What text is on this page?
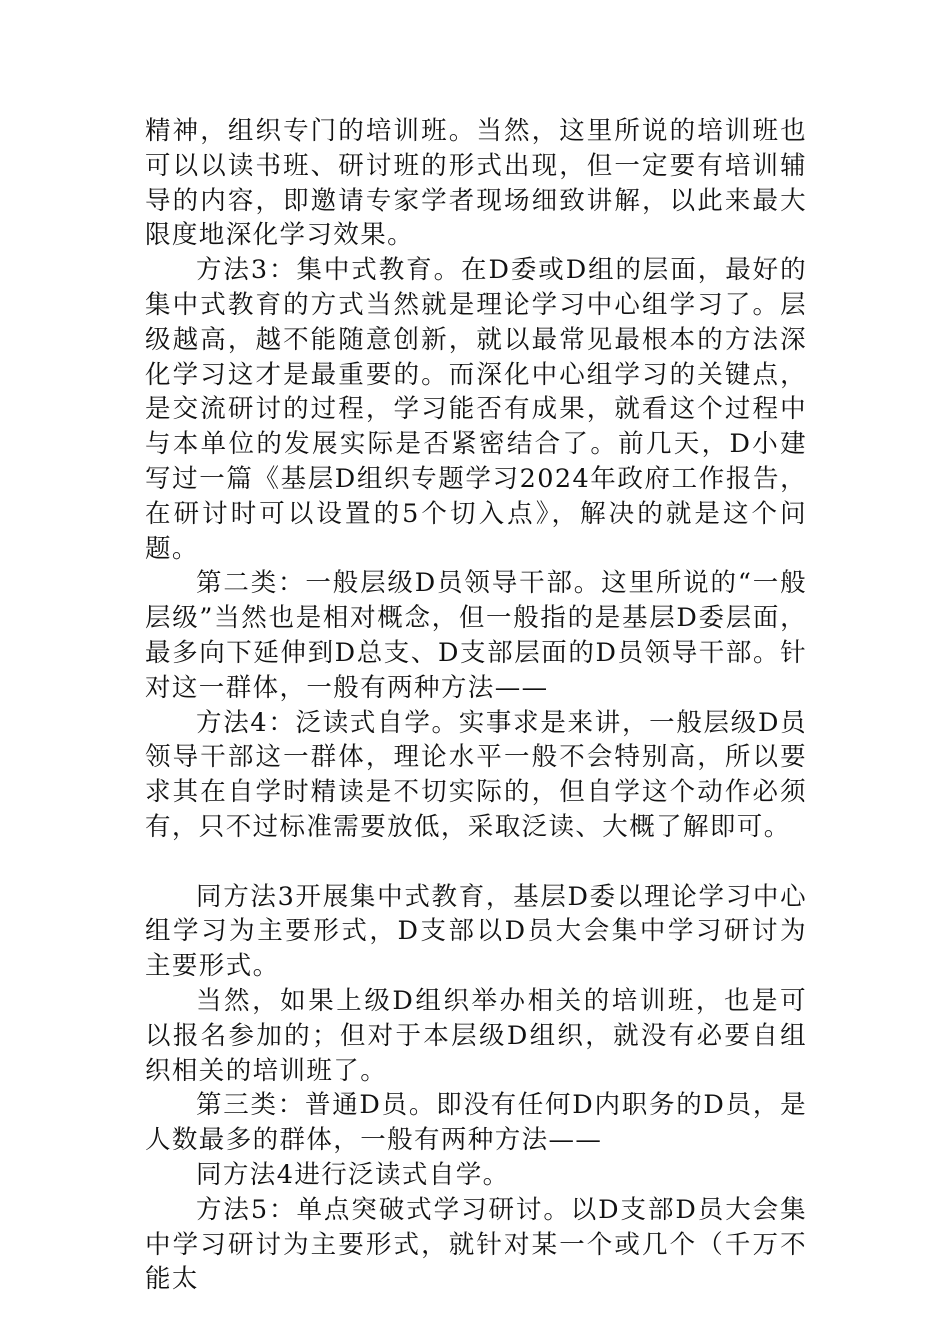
精神，组织专门的培训班。当然，这里所说的培训班也可以以读书班、研讨班的形式出现，但一定要有培训辅导的内容，即邀请专家学者现场细致讲解，以此来最大限度地深化学习效果。

方法3：集中式教育。在D委或D组的层面，最好的集中式教育的方式当然就是理论学习中心组学习了。层级越高，越不能随意创新，就以最常见最根本的方法深化学习这才是最重要的。而深化中心组学习的关键点，是交流研讨的过程，学习能否有成果，就看这个过程中与本单位的发展实际是否紧密结合了。前几天，D小建写过一篇《基层D组织专题学习2024年政府工作报告，在研讨时可以设置的5个切入点》，解决的就是这个问题。

第二类：一般层级D员领导干部。这里所说的“一般层级”当然也是相对概念，但一般指的是基层D委层面，最多向下延伸到D总支、D支部层面的D员领导干部。针对这一群体，一般有两种方法——

方法4：泛读式自学。实事求是来讲，一般层级D员领导干部这一群体，理论水平一般不会特别高，所以要求其在自学时精读是不切实际的，但自学这个动作必须有，只不过标准需要放低，采取泛读、大概了解即可。

同方法3开展集中式教育，基层D委以理论学习中心组学习为主要形式，D支部以D员大会集中学习研讨为主要形式。

当然，如果上级D组织举办相关的培训班，也是可以报名参加的；但对于本层级D组织，就没有必要自组织相关的培训班了。

第三类：普通D员。即没有任何D内职务的D员，是人数最多的群体，一般有两种方法——

同方法4进行泛读式自学。

方法5：单点突破式学习研讨。以D支部D员大会集中学习研讨为主要形式，就针对某一个或几个（千万不能太
